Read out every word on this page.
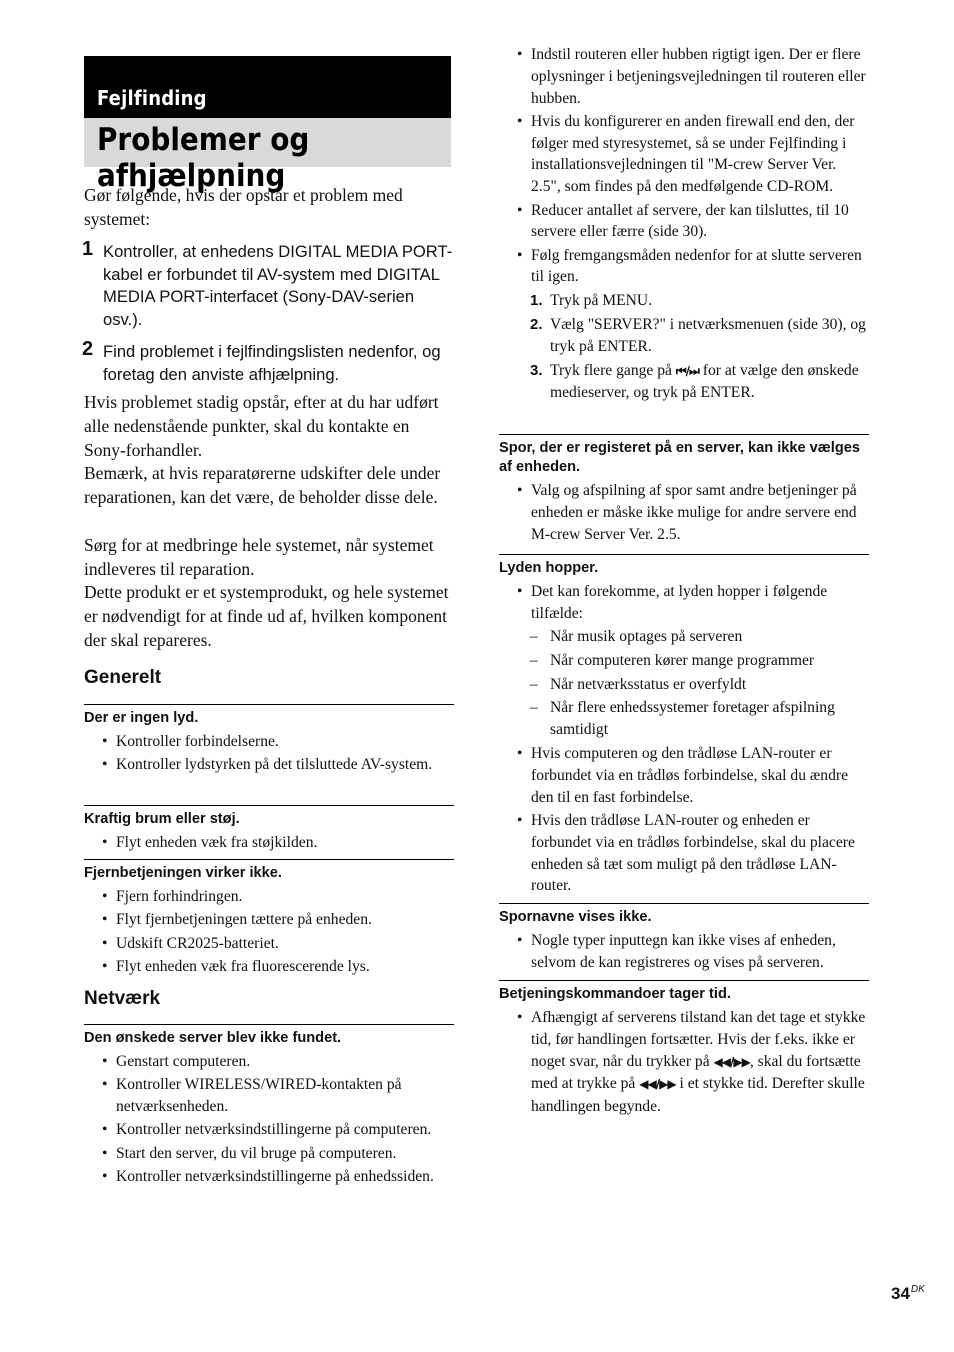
Fejlfinding
Problemer og afhjælpning
Gør følgende, hvis der opstår et problem med systemet:
1 Kontroller, at enhedens DIGITAL MEDIA PORT-kabel er forbundet til AV-system med DIGITAL MEDIA PORT-interfacet (Sony-DAV-serien osv.).
2 Find problemet i fejlfindingslisten nedenfor, og foretag den anviste afhjælpning.
Hvis problemet stadig opstår, efter at du har udført alle nedenstående punkter, skal du kontakte en Sony-forhandler.
Bemærk, at hvis reparatørerne udskifter dele under reparationen, kan det være, de beholder disse dele.
Sørg for at medbringe hele systemet, når systemet indleveres til reparation.
Dette produkt er et systemprodukt, og hele systemet er nødvendigt for at finde ud af, hvilken komponent der skal repareres.
Generelt
Der er ingen lyd.
• Kontroller forbindelserne.
• Kontroller lydstyrken på det tilsluttede AV-system.
Kraftig brum eller støj.
• Flyt enheden væk fra støjkilden.
Fjernbetjeningen virker ikke.
• Fjern forhindringen.
• Flyt fjernbetjeningen tættere på enheden.
• Udskift CR2025-batteriet.
• Flyt enheden væk fra fluorescerende lys.
Netværk
Den ønskede server blev ikke fundet.
• Genstart computeren.
• Kontroller WIRELESS/WIRED-kontakten på netværksenheden.
• Kontroller netværksindstillingerne på computeren.
• Start den server, du vil bruge på computeren.
• Kontroller netværksindstillingerne på enhedssiden.
• Indstil routeren eller hubben rigtigt igen. Der er flere oplysninger i betjeningsvejledningen til routeren eller hubben.
• Hvis du konfigurerer en anden firewall end den, der følger med styresystemet, så se under Fejlfinding i installationsvejledningen til "M-crew Server Ver. 2.5", som findes på den medfølgende CD-ROM.
• Reducer antallet af servere, der kan tilsluttes, til 10 servere eller færre (side 30).
• Følg fremgangsmåden nedenfor for at slutte serveren til igen.
1. Tryk på MENU.
2. Vælg "SERVER?" i netværksmenuen (side 30), og tryk på ENTER.
3. Tryk flere gange på ⏮/⏭ for at vælge den ønskede medieserver, og tryk på ENTER.
Spor, der er registeret på en server, kan ikke vælges af enheden.
• Valg og afspilning af spor samt andre betjeninger på enheden er måske ikke mulige for andre servere end M-crew Server Ver. 2.5.
Lyden hopper.
• Det kan forekomme, at lyden hopper i følgende tilfælde:
– Når musik optages på serveren
– Når computeren kører mange programmer
– Når netværksstatus er overfyldt
– Når flere enhedssystemer foretager afspilning samtidigt
• Hvis computeren og den trådløse LAN-router er forbundet via en trådløs forbindelse, skal du ændre den til en fast forbindelse.
• Hvis den trådløse LAN-router og enheden er forbundet via en trådløs forbindelse, skal du placere enheden så tæt som muligt på den trådløse LAN-router.
Spornavne vises ikke.
• Nogle typer inputtegn kan ikke vises af enheden, selvom de kan registreres og vises på serveren.
Betjeningskommandoer tager tid.
• Afhængigt af serverens tilstand kan det tage et stykke tid, før handlingen fortsætter. Hvis der f.eks. ikke er noget svar, når du trykker på ◀◀/▶▶, skal du fortsætte med at trykke på ◀◀/▶▶ i et stykke tid. Derefter skulle handlingen begynde.
$34^{DK}$
